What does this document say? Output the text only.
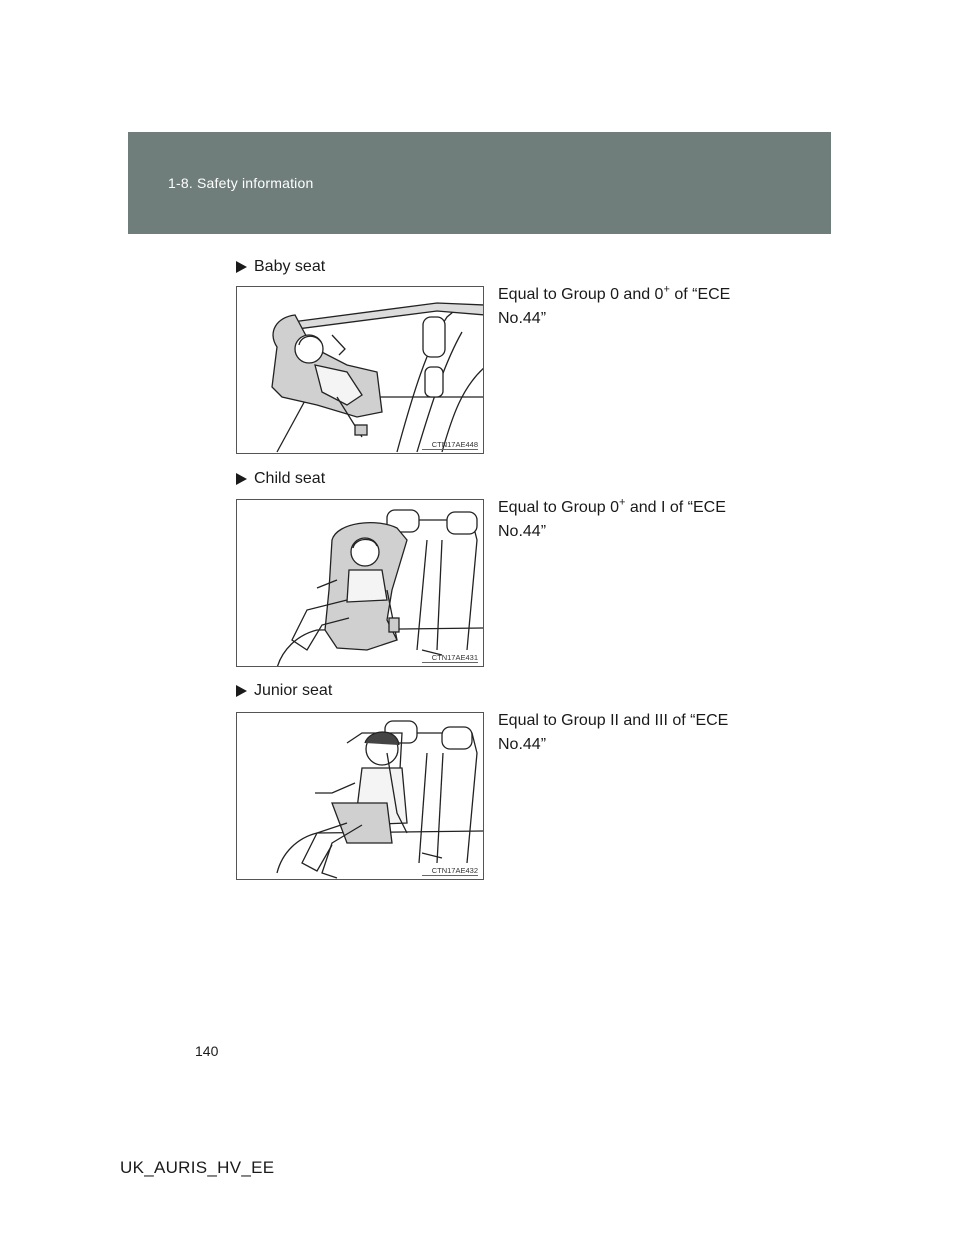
1-8. Safety information
Baby seat
CTN17AE448
Equal to Group 0 and 0+ of “ECE No.44”
Child seat
CTN17AE431
Equal to Group 0+ and I of “ECE No.44”
Junior seat
CTN17AE432
Equal to Group II and III of “ECE No.44”
140
UK_AURIS_HV_EE
